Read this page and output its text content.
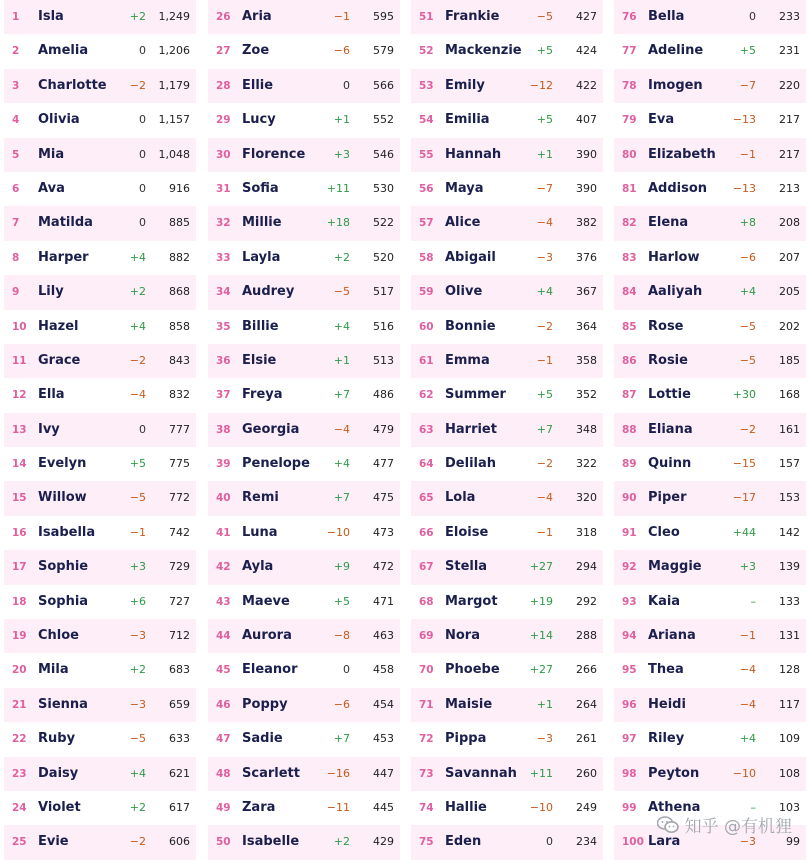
1	Isla	+2	1,249
2	Amelia	0	1,206
3	Charlotte	−2	1,179
4	Olivia	0	1,157
5	Mia	0	1,048
6	Ava	0	916
7	Matilda	0	885
8	Harper	+4	882
9	Lily	+2	868
10 Hazel	+4	858
11 Grace	−2	843
12 Ella	−4	832
13 Ivy	0	777
14 Evelyn	+5	775
15 Willow	−5	772
16 Isabella	−1	742
17 Sophie	+3	729
18 Sophia	+6	727
19 Chloe	−3	712
20 Mila	+2	683
21 Sienna	−3	659
22 Ruby	−5	633
23 Daisy	+4	621
24 Violet	+2	617
25 Evie	−2	606
26 Aria	−1	595
27 Zoe	−6	579
28 Ellie	0	566
29 Lucy	+1	552
30 Florence	+3	546
31 Sofia	+11	530
32 Millie	+18	522
33 Layla	+2	520
34 Audrey	−5	517
35 Billie	+4	516
36 Elsie	+1	513
37 Freya	+7	486
38 Georgia	−4	479
39 Penelope	+4	477
40 Remi	+7	475
41 Luna	−10	473
42 Ayla	+9	472
43 Maeve	+5	471
44 Aurora	−8	463
45 Eleanor	0	458
46 Poppy	−6	454
47 Sadie	+7	453
48 Scarlett	−16	447
49 Zara	−11	445
50 Isabelle	+2	429
51 Frankie	−5	427
52 Mackenzie	+5	424
53 Emily	−12	422
54 Emilia	+5	407
55 Hannah	+1	390
56 Maya	−7	390
57 Alice	−4	382
58 Abigail	−3	376
59 Olive	+4	367
60 Bonnie	−2	364
61 Emma	−1	358
62 Summer	+5	352
63 Harriet	+7	348
64 Delilah	−2	322
65 Lola	−4	320
66 Eloise	−1	318
67 Stella	+27	294
68 Margot	+19	292
69 Nora	+14	288
70 Phoebe	+27	266
71 Maisie	+1	264
72 Pippa	−3	261
73 Savannah	+11	260
74 Hallie	−10	249
75 Eden	0	234
76 Bella	0	233
77 Adeline	+5	231
78 Imogen	−7	220
79 Eva	−13	217
80 Elizabeth	−1	217
81 Addison	−13	213
82 Elena	+8	208
83 Harlow	−6	207
84 Aaliyah	+4	205
85 Rose	−5	202
86 Rosie	−5	185
87 Lottie	+30	168
88 Eliana	−2	161
89 Quinn	−15	157
90 Piper	−17	153
91 Cleo	+44	142
92 Maggie	+3	139
93 Kaia	–	133
94 Ariana	−1	131
95 Thea	−4	128
96 Heidi	−4	117
97 Riley	+4	109
98 Peyton	−10	108
99 Athena	–	103
100 Lara	−3	99
知乎 @有机狸
